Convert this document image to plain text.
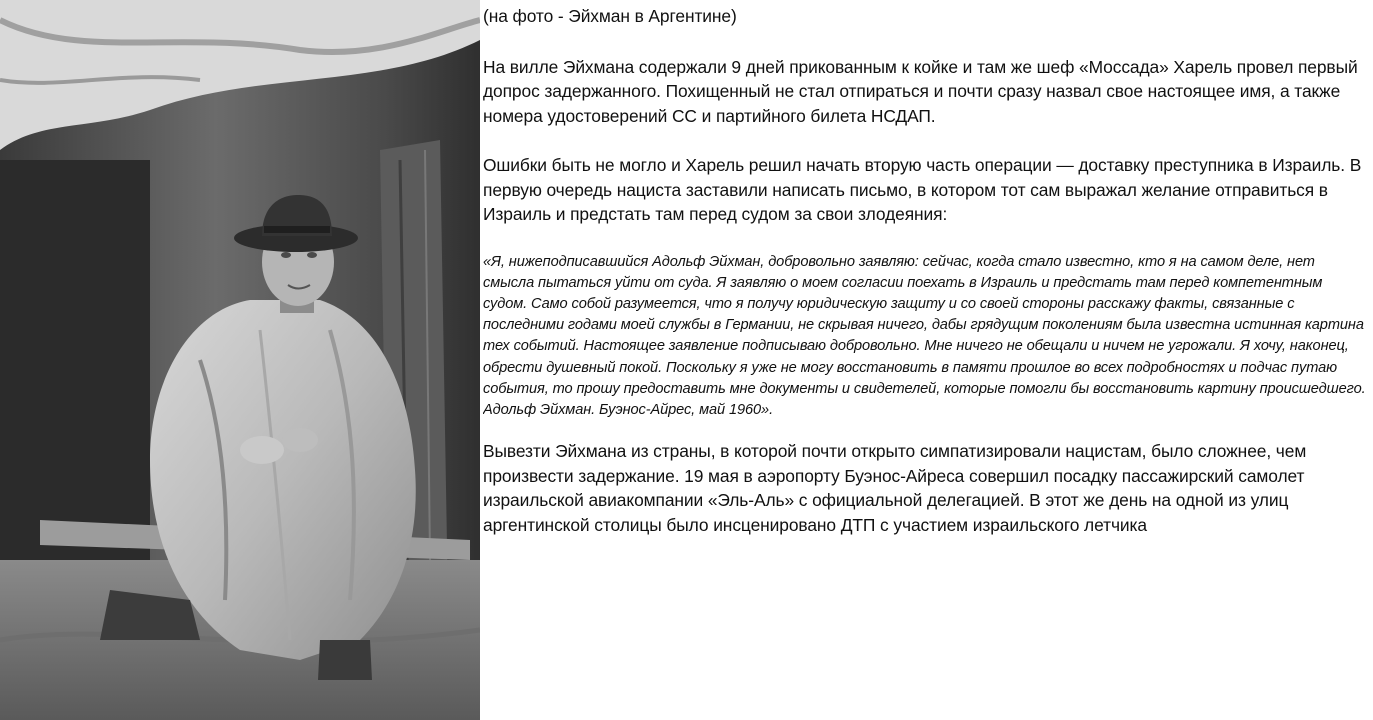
(на фото - Эйхман в Аргентине)

На вилле Эйхмана содержали 9 дней прикованным к койке и там же шеф «Моссада» Харель провел первый допрос задержанного. Похищенный не стал отпираться и почти сразу назвал свое настоящее имя, а также номера удостоверений СС и партийного билета НСДАП.

Ошибки быть не могло и Харель решил начать вторую часть операции — доставку преступника в Израиль. В первую очередь нациста заставили написать письмо, в котором тот сам выражал желание отправиться в Израиль и предстать там перед судом за свои злодеяния:

«Я, нижеподписавшийся Адольф Эйхман, добровольно заявляю: сейчас, когда стало известно, кто я на самом деле, нет смысла пытаться уйти от суда. Я заявляю о моем согласии поехать в Израиль и предстать там перед компетентным судом. Само собой разумеется, что я получу юридическую защиту и со своей стороны расскажу факты, связанные с последними годами моей службы в Германии, не скрывая ничего, дабы грядущим поколениям была известна истинная картина тех событий. Настоящее заявление подписываю добровольно. Мне ничего не обещали и ничем не угрожали. Я хочу, наконец, обрести душевный покой. Поскольку я уже не могу восстановить в памяти прошлое во всех подробностях и подчас путаю события, то прошу предоставить мне документы и свидетелей, которые помогли бы восстановить картину происшедшего. Адольф Эйхман. Буэнос-Айрес, май 1960».

Вывезти Эйхмана из страны, в которой почти открыто симпатизировали нацистам, было сложнее, чем произвести задержание. 19 мая в аэропорту Буэнос-Айреса совершил посадку пассажирский самолет израильской авиакомпании «Эль-Аль» с официальной делегацией. В этот же день на одной из улиц аргентинской столицы было инсценировано ДТП с участием израильского летчика
